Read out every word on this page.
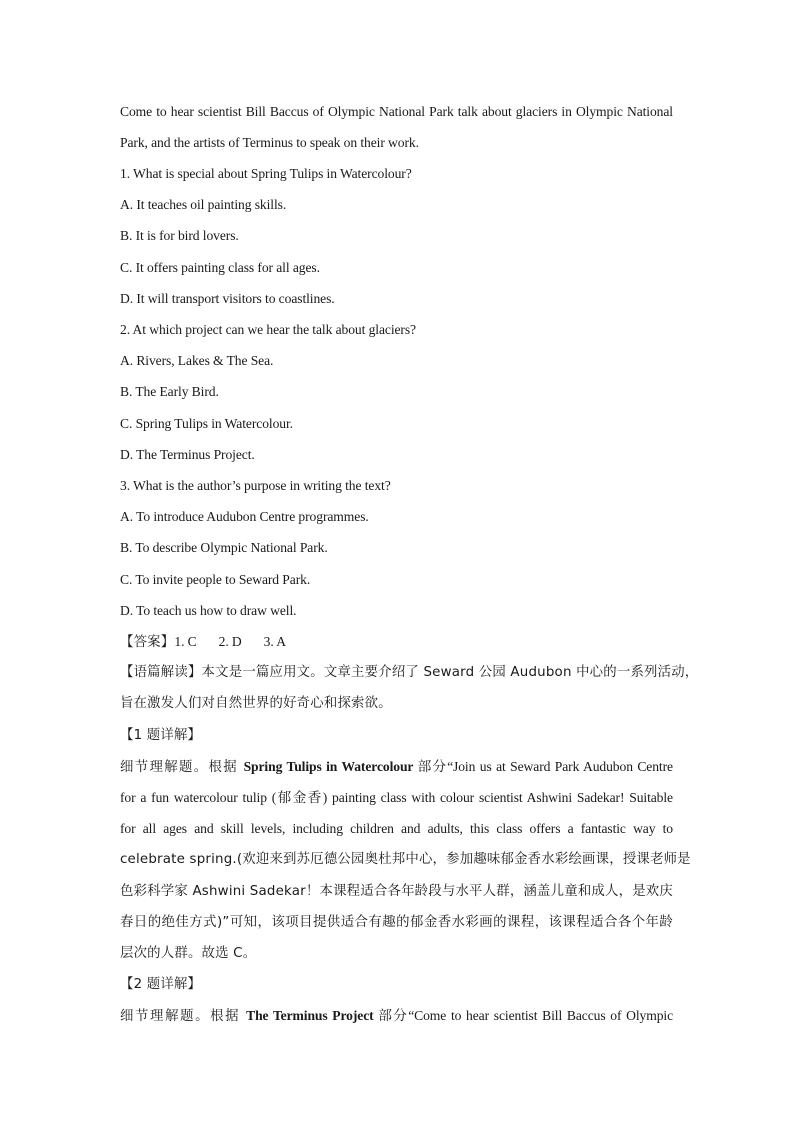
Come to hear scientist Bill Baccus of Olympic National Park talk about glaciers in Olympic National
Park, and the artists of Terminus to speak on their work.
1. What is special about Spring Tulips in Watercolour?
A. It teaches oil painting skills.
B. It is for bird lovers.
C. It offers painting class for all ages.
D. It will transport visitors to coastlines.
2. At which project can we hear the talk about glaciers?
A. Rivers, Lakes & The Sea.
B. The Early Bird.
C. Spring Tulips in Watercolour.
D. The Terminus Project.
3. What is the author’s purpose in writing the text?
A. To introduce Audubon Centre programmes.
B. To describe Olympic National Park.
C. To invite people to Seward Park.
D. To teach us how to draw well.
【答案】1. C 2. D 3. A
【语篇解读】本文是一篇应用文。文章主要介绍了 Seward 公园 Audubon 中心的一系列活动，
旨在激发人们对自然世界的好奇心和探索欲。
【1 题详解】
细节理解题。根据 Spring Tulips in Watercolour 部分“Join us at Seward Park Audubon Centre
for a fun watercolour tulip (郁金香) painting class with colour scientist Ashwini Sadekar! Suitable
for all ages and skill levels, including children and adults, this class offers a fantastic way to
celebrate spring.(欢迎来到苏厄德公园奥杜邦中心，参加趣味郁金香水彩绘画课，授课老师是
色彩科学家 Ashwini Sadekar！本课程适合各年龄段与水平人群，涵盖儿童和成人，是欢庆
春日的绝佳方式)”可知，该项目提供适合有趣的郁金香水彩画的课程，该课程适合各个年龄
层次的人群。故选 C。
【2 题详解】
细节理解题。根据 The Terminus Project 部分“Come to hear scientist Bill Baccus of Olympic
